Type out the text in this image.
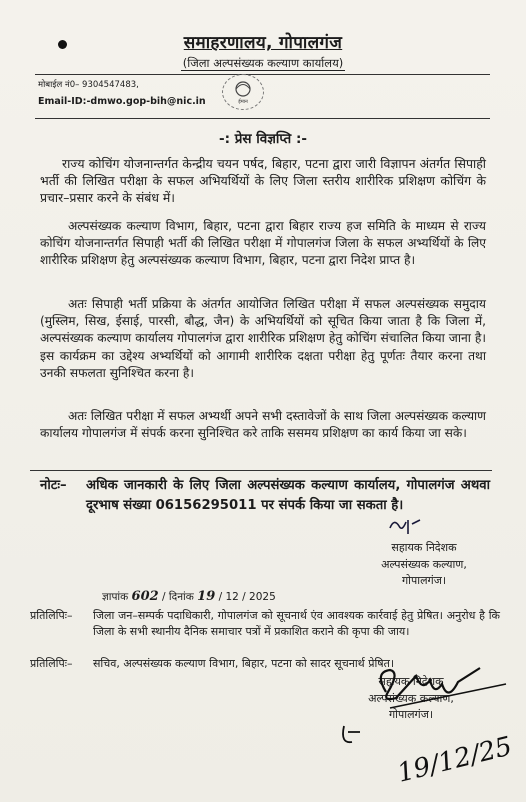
समाहरणालय, गोपालगंज
(जिला अल्पसंख्यक कल्याण कार्यालय)
मोबाईल नं0– 9304547483,
Email-ID:-dmwo.gop-bih@nic.in	ईमान
-: प्रेस विज्ञप्ति :-
राज्य कोचिंग योजनान्तर्गत केन्द्रीय चयन पर्षद, बिहार, पटना द्वारा जारी विज्ञापन अंतर्गत सिपाही भर्ती की लिखित परीक्षा के सफल अभियर्थियों के लिए जिला स्तरीय शारीरिक प्रशिक्षण कोचिंग के प्रचार–प्रसार करने के संबंध में।
अल्पसंख्यक कल्याण विभाग, बिहार, पटना द्वारा बिहार राज्य हज समिति के माध्यम से राज्य कोचिंग योजनान्तर्गत सिपाही भर्ती की लिखित परीक्षा में गोपालगंज जिला के सफल अभ्यर्थियों के लिए शारीरिक प्रशिक्षण हेतु अल्पसंख्यक कल्याण विभाग, बिहार, पटना द्वारा निदेश प्राप्त है।
अतः सिपाही भर्ती प्रक्रिया के अंतर्गत आयोजित लिखित परीक्षा में सफल अल्पसंख्यक समुदाय (मुस्लिम, सिख, ईसाई, पारसी, बौद्ध, जैन) के अभियर्थियों को सूचित किया जाता है कि जिला में, अल्पसंख्यक कल्याण कार्यालय गोपालगंज द्वारा शारीरिक प्रशिक्षण हेतु कोचिंग संचालित किया जाना है। इस कार्यक्रम का उद्देश्य अभ्यर्थियों को आगामी शारीरिक दक्षता परीक्षा हेतु पूर्णतः तैयार करना तथा उनकी सफलता सुनिश्चित करना है।
अतः लिखित परीक्षा में सफल अभ्यर्थी अपने सभी दस्तावेजों के साथ जिला अल्पसंख्यक कल्याण कार्यालय गोपालगंज में संपर्क करना सुनिश्चित करे ताकि ससमय प्रशिक्षण का कार्य किया जा सके।
नोटः– अधिक जानकारी के लिए जिला अल्पसंख्यक कल्याण कार्यालय, गोपालगंज अथवा दूरभाष संख्या 06156295011 पर संपर्क किया जा सकता है।
सहायक निदेशक
अल्पसंख्यक कल्याण,
गोपालगंज।
ज्ञापांक 602 / दिनांक 19 / 12 / 2025
प्रतिलिपिः–	जिला जन–सम्पर्क पदाधिकारी, गोपालगंज को सूचनार्थ एंव आवश्यक कार्रवाई हेतु प्रेषित। अनुरोध है कि जिला के सभी स्थानीय दैनिक समाचार पत्रों में प्रकाशित कराने की कृपा की जाय।
प्रतिलिपिः–	सचिव, अल्पसंख्यक कल्याण विभाग, बिहार, पटना को सादर सूचनार्थ प्रेषित।
सहायक निदेशक
अल्पसंख्यक कल्याण,
गोपालगंज।
19/12/25
